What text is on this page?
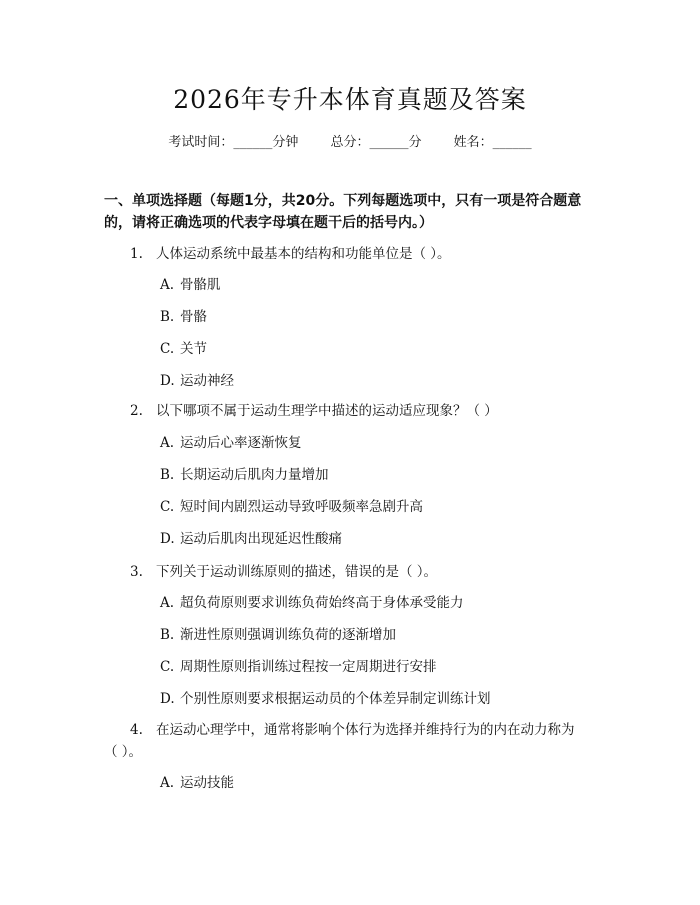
2026年专升本体育真题及答案
考试时间：______分钟 总分：______分 姓名：______
一、单项选择题（每题1分，共20分。下列每题选项中，只有一项是符合题意的，请将正确选项的代表字母填在题干后的括号内。）
1. 人体运动系统中最基本的结构和功能单位是（ ）。
A. 骨骼肌
B. 骨骼
C. 关节
D. 运动神经
2. 以下哪项不属于运动生理学中描述的运动适应现象？（ ）
A. 运动后心率逐渐恢复
B. 长期运动后肌肉力量增加
C. 短时间内剧烈运动导致呼吸频率急剧升高
D. 运动后肌肉出现延迟性酸痛
3. 下列关于运动训练原则的描述，错误的是（ ）。
A. 超负荷原则要求训练负荷始终高于身体承受能力
B. 渐进性原则强调训练负荷的逐渐增加
C. 周期性原则指训练过程按一定周期进行安排
D. 个别性原则要求根据运动员的个体差异制定训练计划
4. 在运动心理学中，通常将影响个体行为选择并维持行为的内在动力称为
（ ）。
A. 运动技能
